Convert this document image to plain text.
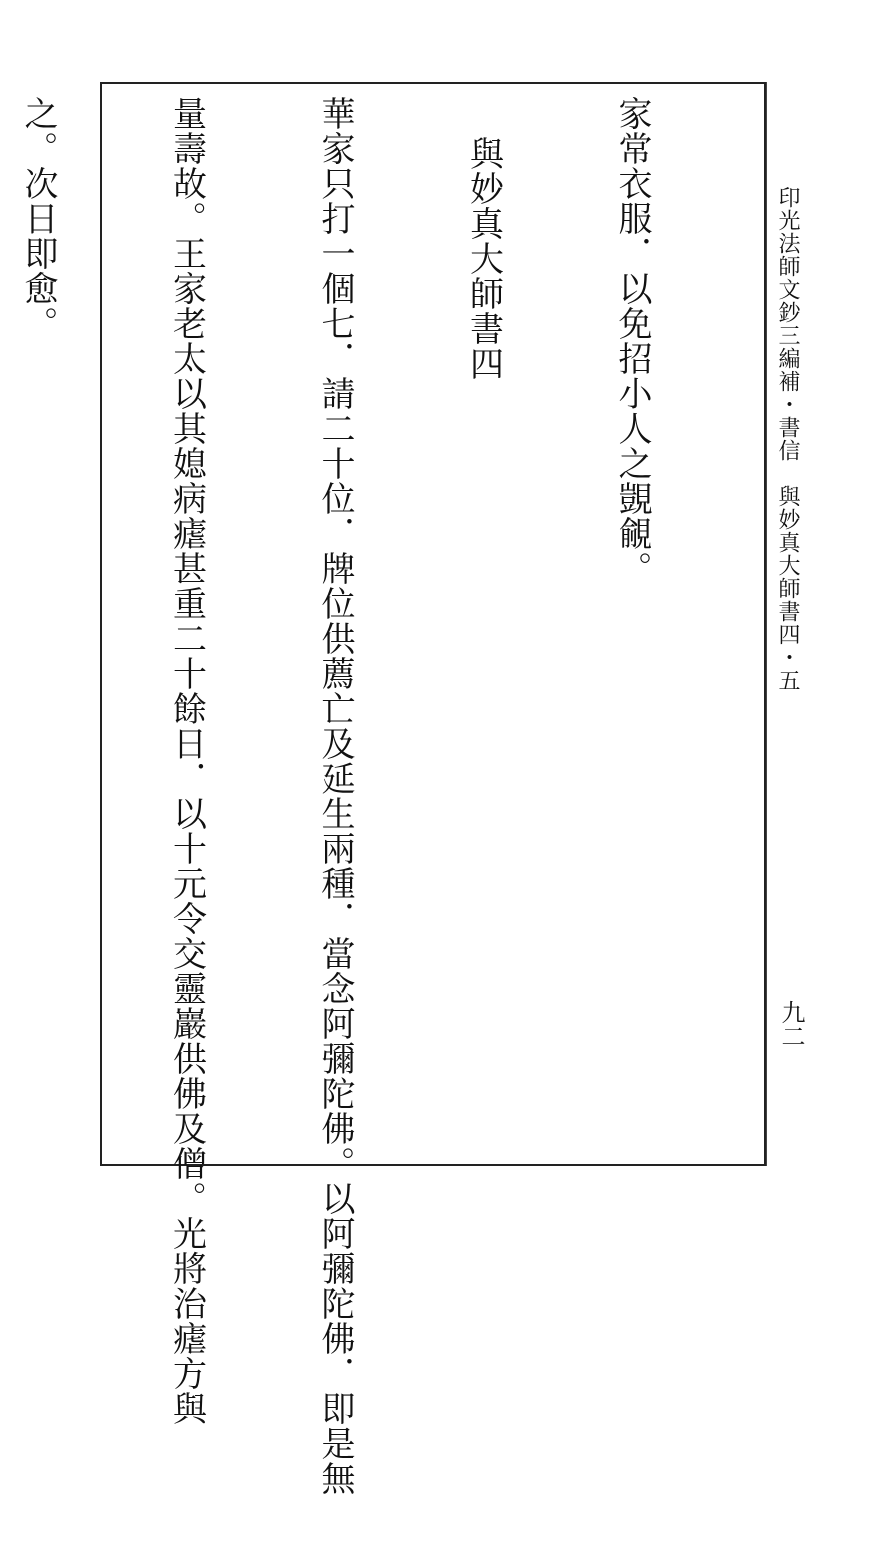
印光法師文鈔三編補・書信　與妙真大師書四・五
九二

家常衣服．以免招小人之覬覦。

與妙真大師書四

華家只打一個七．請二十位．牌位供薦亡及延生兩種．當念阿彌陀佛。以阿彌陀佛．即是無

量壽故。王家老太以其媳病瘧甚重二十餘日．以十元令交靈巖供佛及僧。光將治瘧方與

之。次日即愈。
